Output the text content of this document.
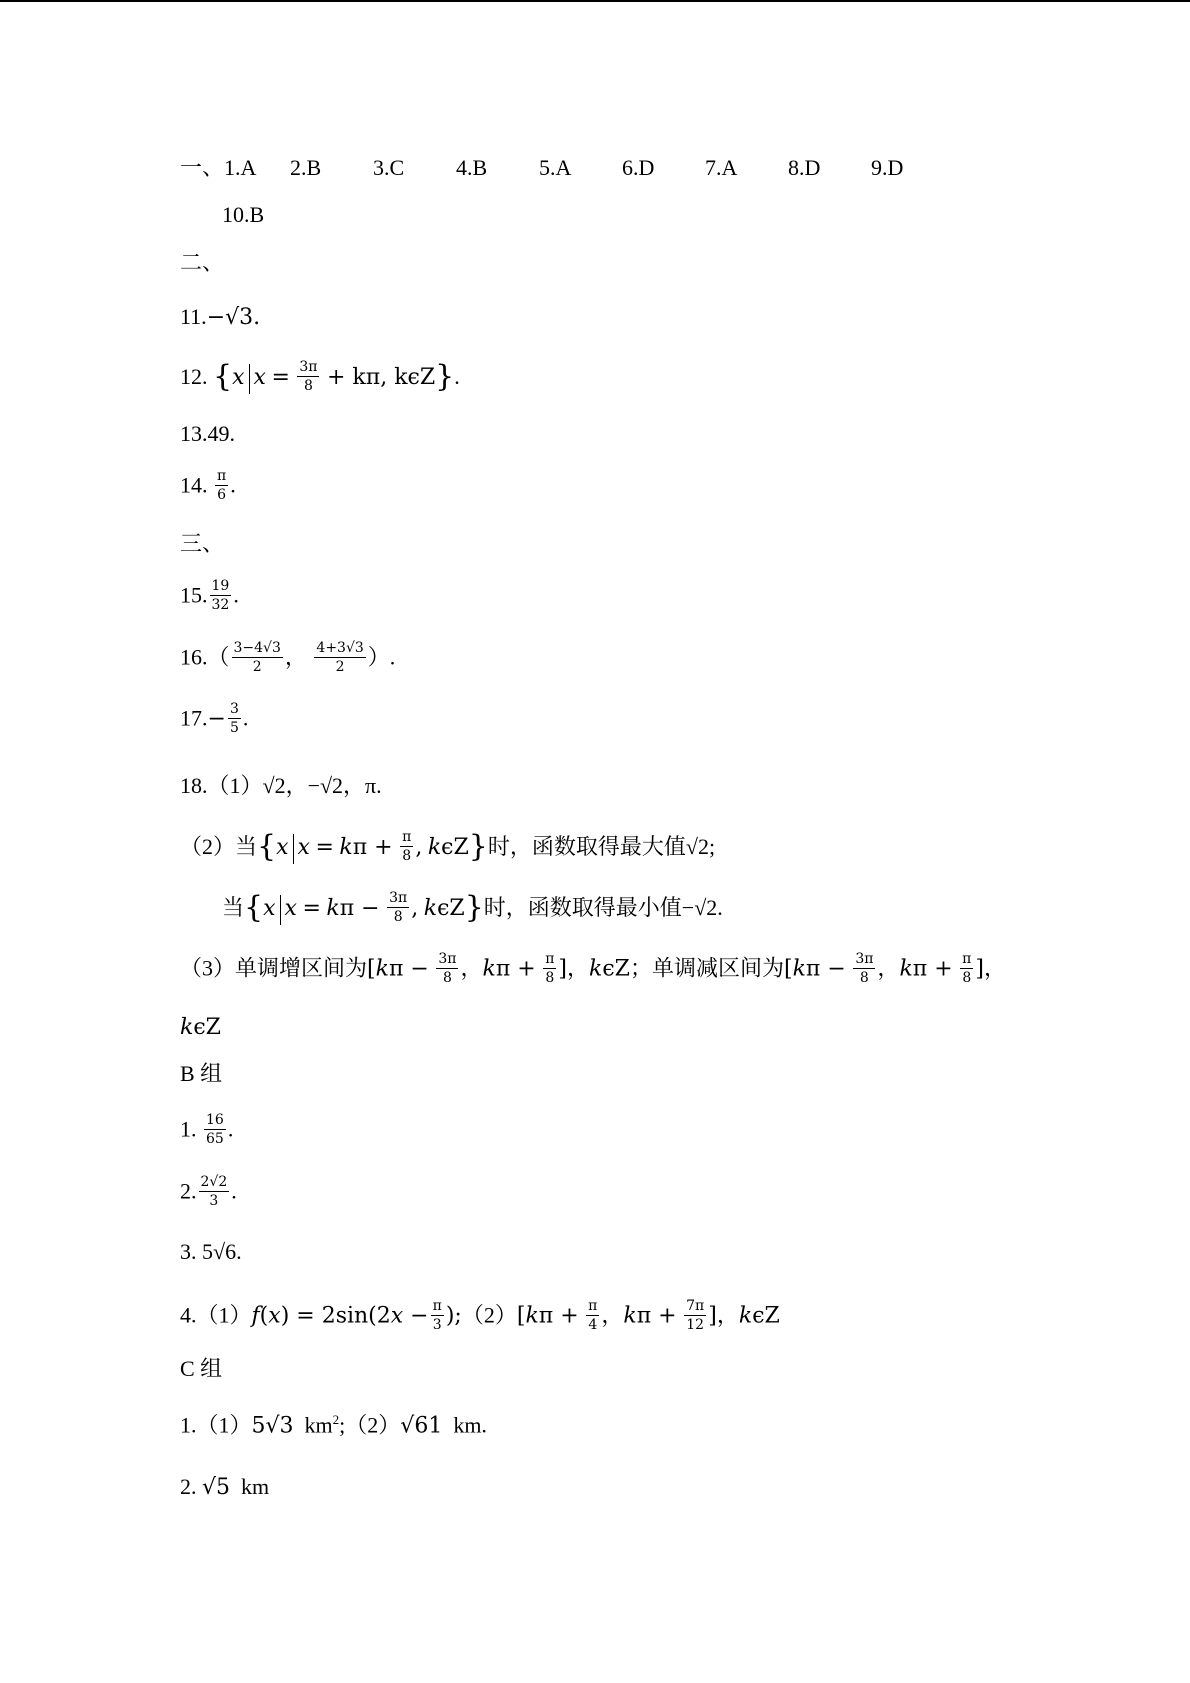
一、1.A 2.B 3.C 4.B 5.A 6.D 7.A 8.D 9.D
10.B
二、
11.−√3.
12. {x $x = \frac{3\pi}{8} + k\pi$, kϵZ}.
13.49.
14. $\frac{\pi}{6}$ .
三、
15. $\frac{19}{32}$ .
$16.( \frac{3-4√3}{2}$ ， $\frac{4+3√3}{2}$ ）.
$17.- \frac{3}{5}$ .
18.（1）√2，−√2，π.
（2）当{x $x = k\pi + \frac{\pi}{8}$ , kϵZ}时，函数取得最大值√2;
当{x $x = k\pi - \frac{3\pi}{8}$ , kϵZ}时，函数取得最小值−√2.
（3）单调增区间为[$k\pi - \frac{3\pi}{8}$ ，$k\pi + \frac{\pi}{8}$ ]，kϵZ；单调减区间为[$k\pi - \frac{3\pi}{8}$ ，$k\pi + \frac{\pi}{8}$ ]，
kϵZ
B 组
1. $\frac{16}{65}$ .
2. $\frac{2√2}{3}$ .
3. 5√6.
$4.(1)f(x) = 2\sin(2x - \frac{\pi}{3}$ );（2）[kπ + $\frac{\pi}{4}$ ，$k\pi + \frac{7\pi}{12}$ ]，kϵZ
C 组
1.（1）5√3 $km^2;(2)√61$ km.
2. √5 km
